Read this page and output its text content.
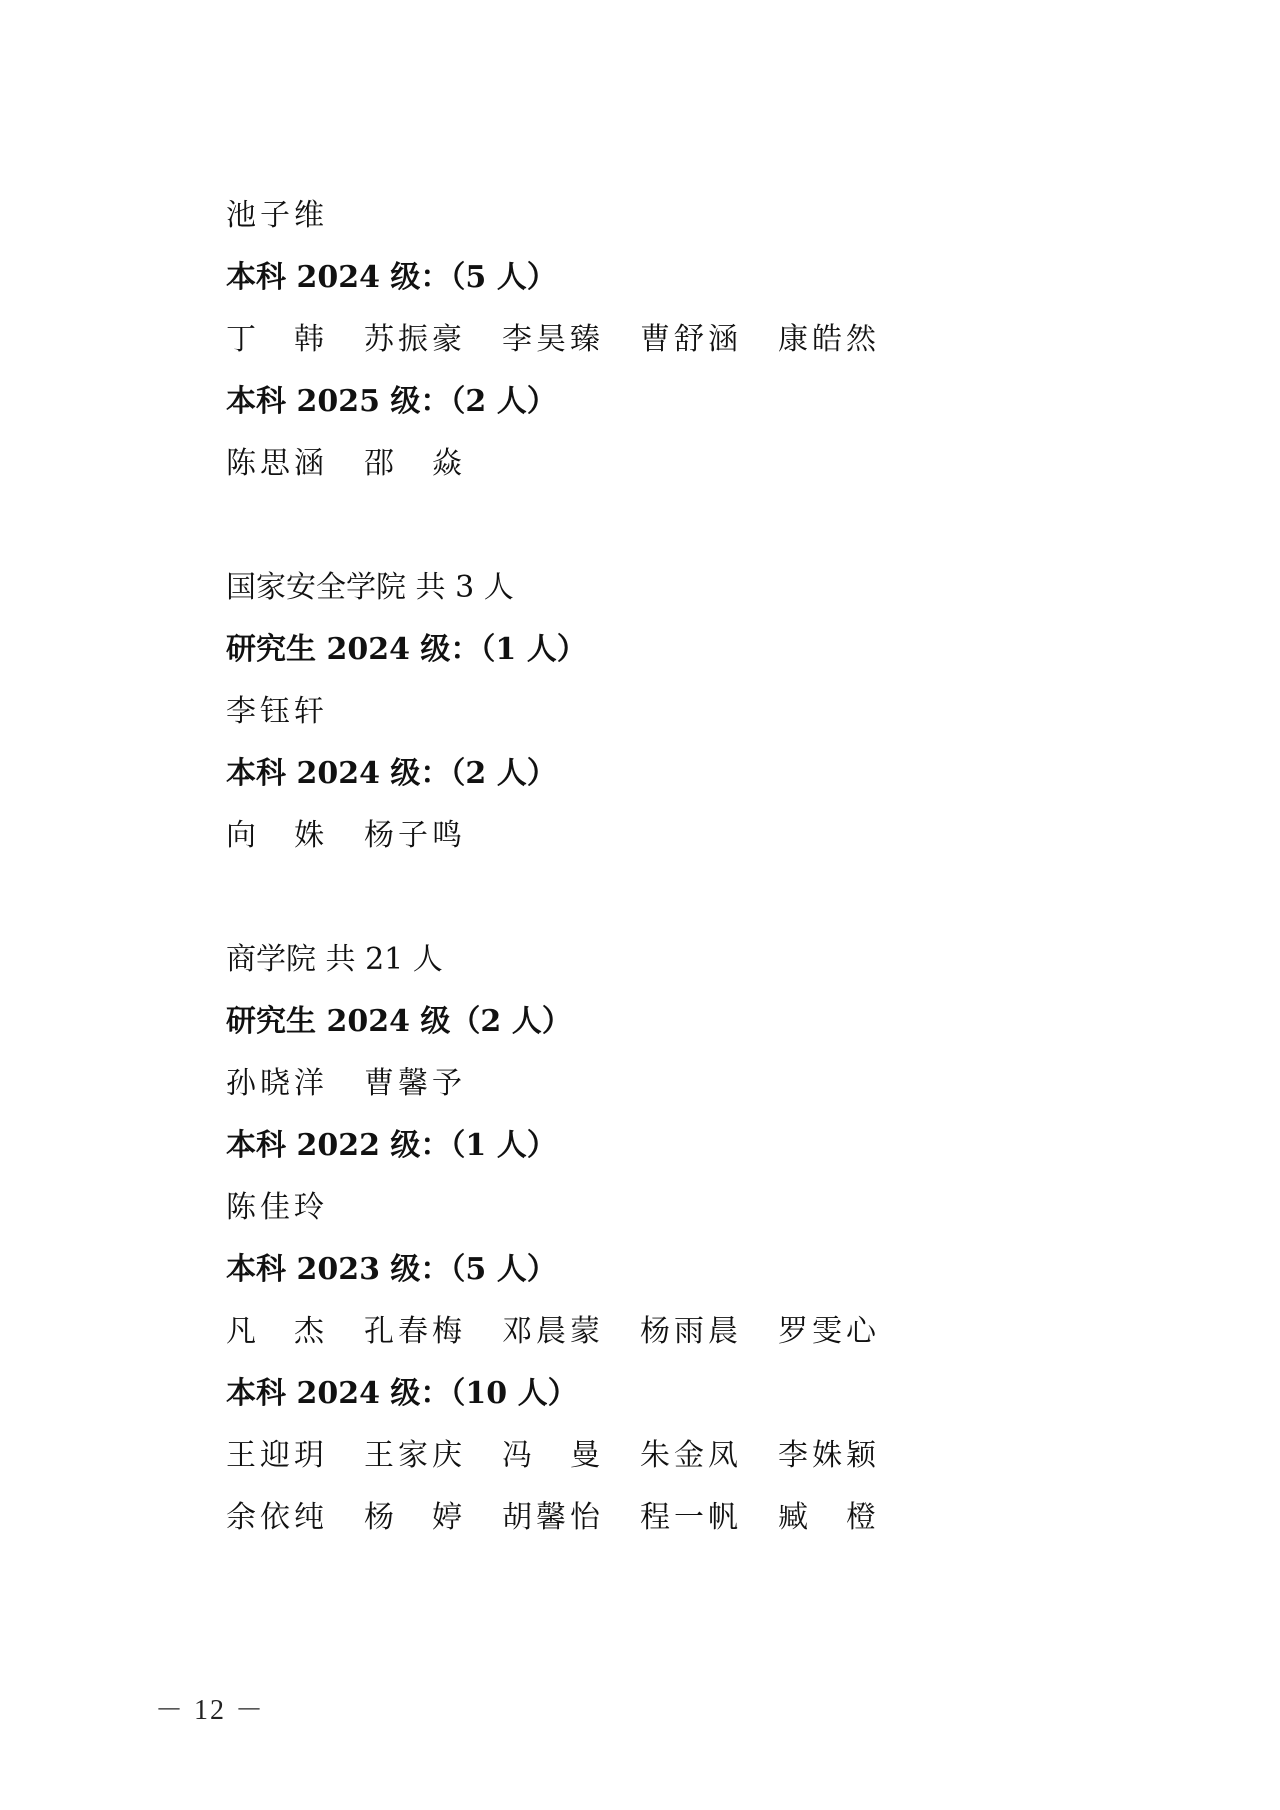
池子维
本科 2024 级：（5 人）
丁　韩 苏振豪 李昊臻 曹舒涵 康皓然
本科 2025 级：（2 人）
陈思涵 邵　焱
国家安全学院 共 3 人
研究生 2024 级：（1 人）
李钰轩
本科 2024 级：（2 人）
向　姝 杨子鸣
商学院 共 21 人
研究生 2024 级（2 人）
孙晓洋 曹馨予
本科 2022 级：（1 人）
陈佳玲
本科 2023 级：（5 人）
凡　杰 孔春梅 邓晨蒙 杨雨晨 罗雯心
本科 2024 级：（10 人）
王迎玥 王家庆 冯　曼 朱金凤 李姝颖
余依纯 杨　婷 胡馨怡 程一帆 臧　橙
－ 12 －
